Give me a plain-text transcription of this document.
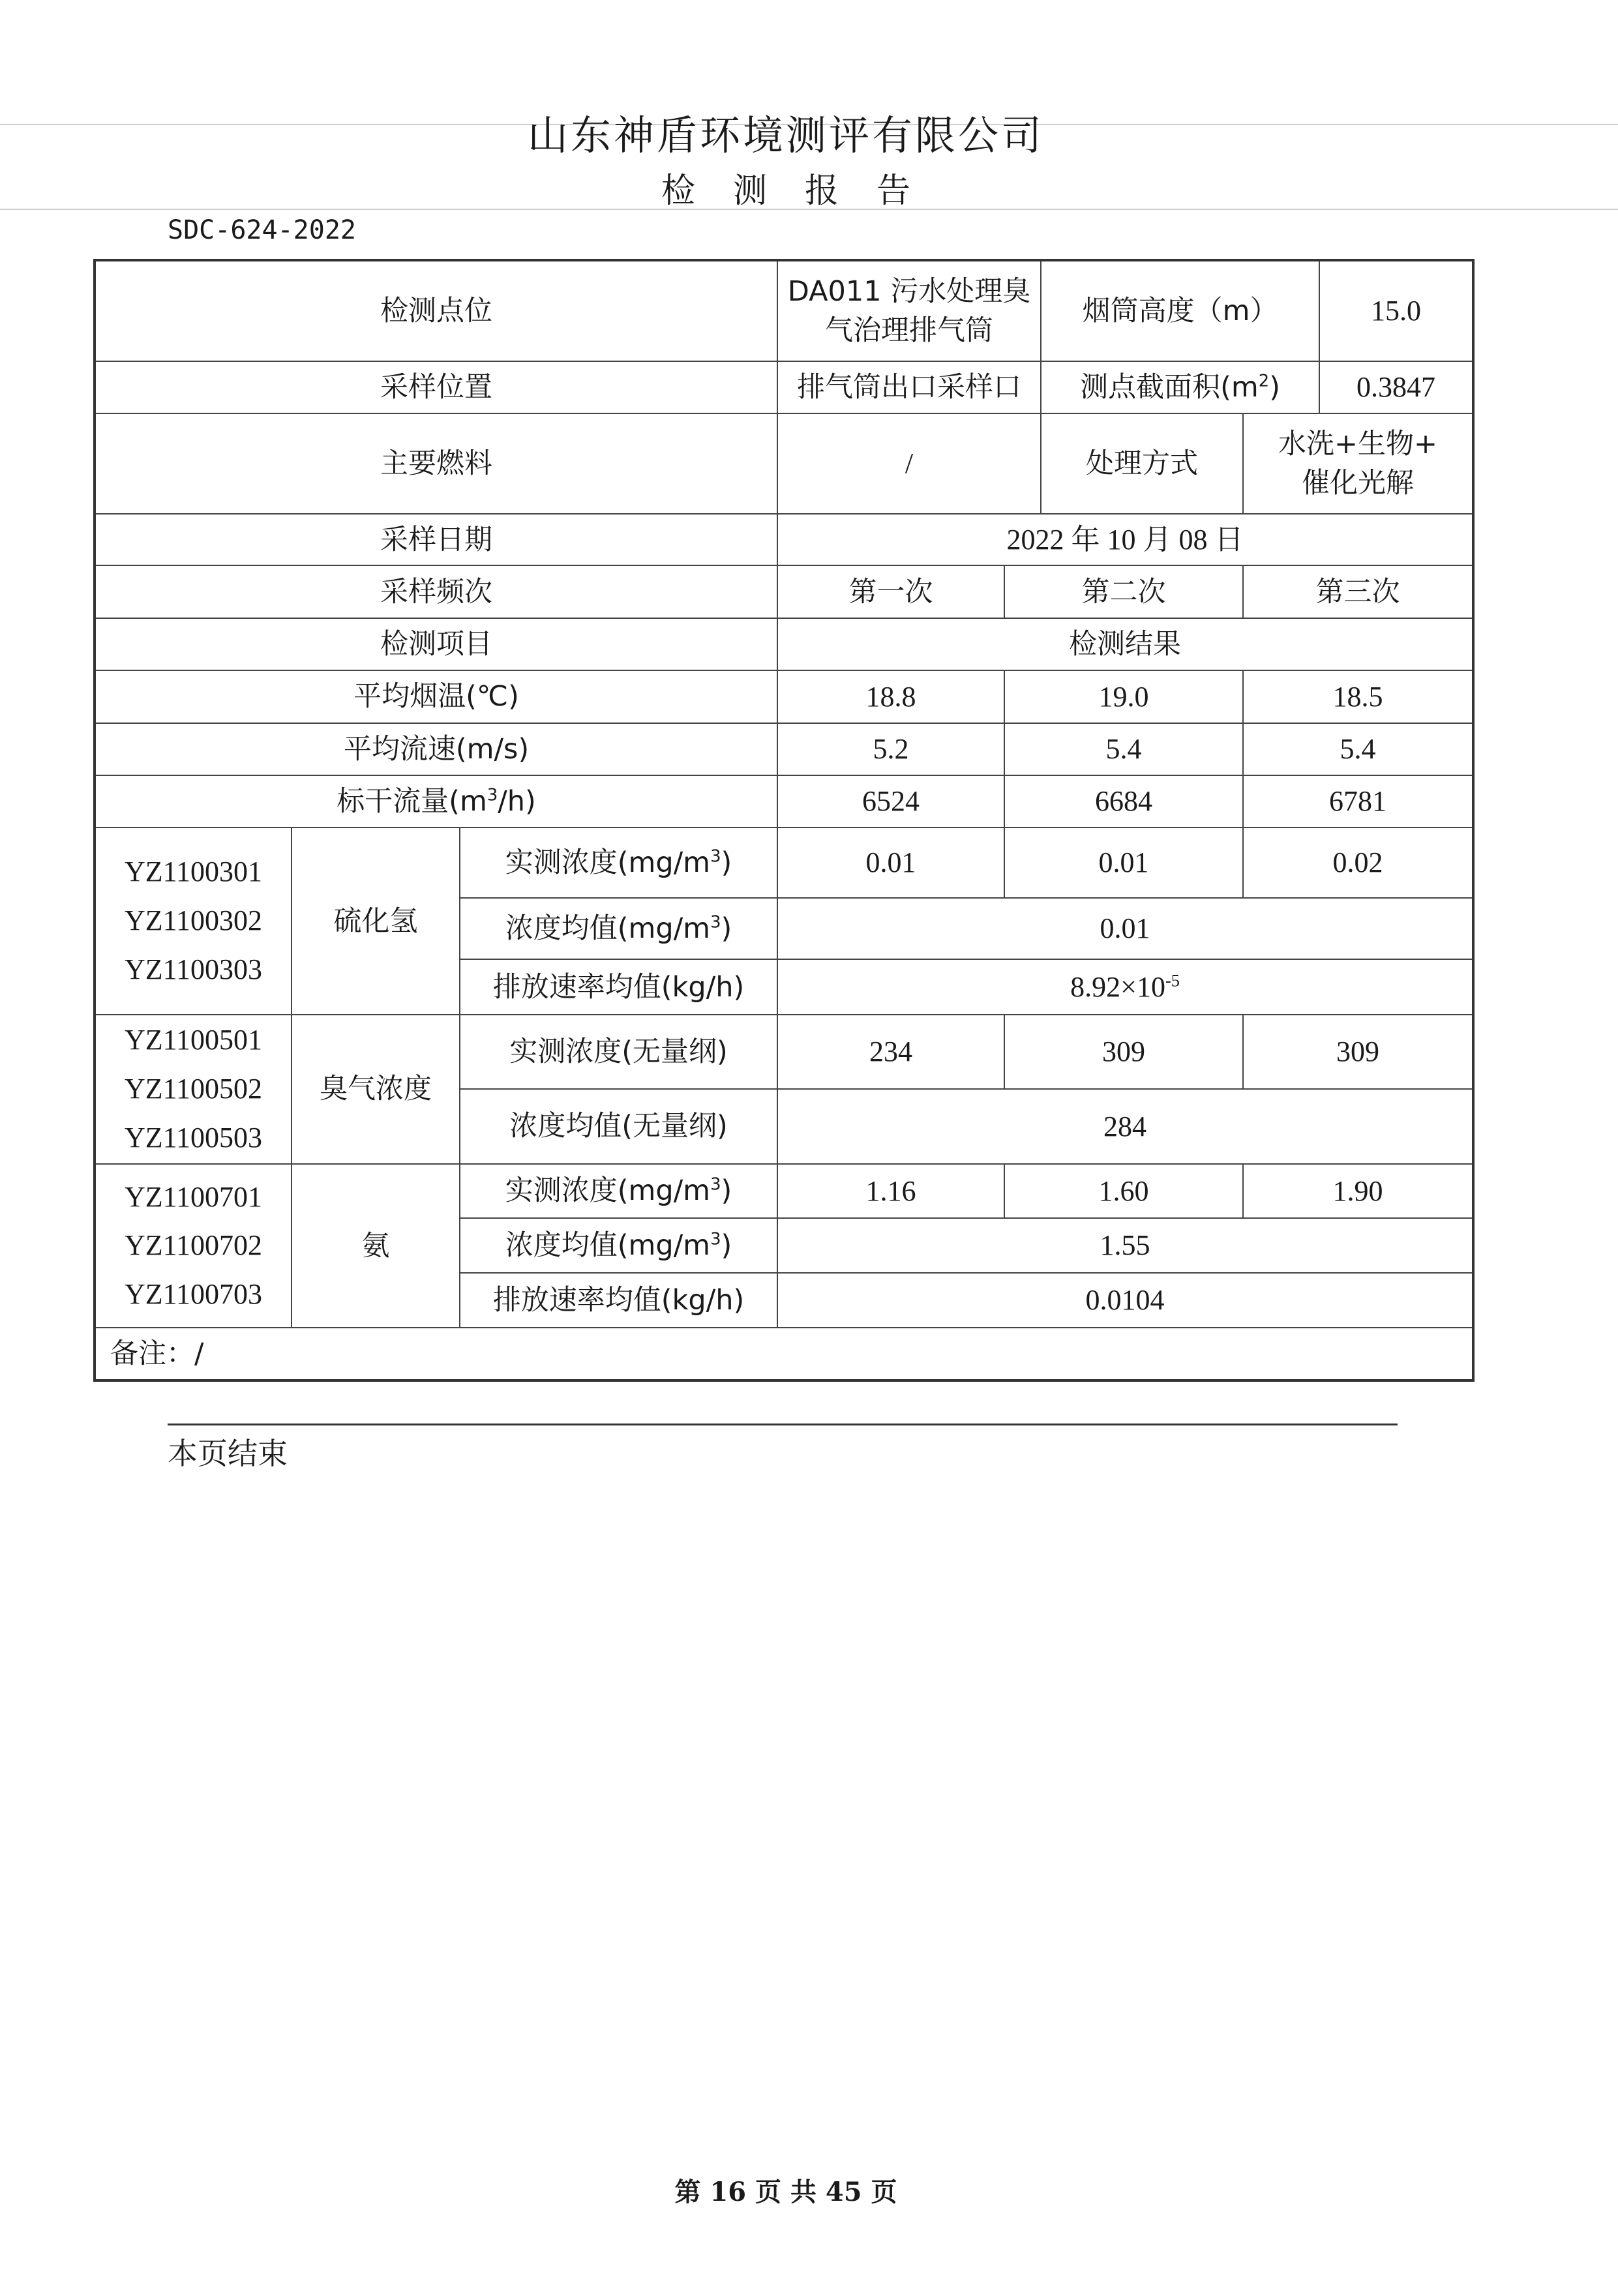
山东神盾环境测评有限公司
检测报告
SDC-624-2022
检测点位			DA011 污水处理臭
气治理排气筒		烟筒高度（m）		15.0
采样位置			排气筒出口采样口		测点截面积$(m^2)$		0.3847
主要燃料			/		处理方式	水洗+生物+
催化光解	

采样日期			2022 年 10 月 08 日				
采样频次			第一次	第二次		第三次	
检测项目			检测结果				
平均烟温(℃)			18.8	19.0		18.5	
平均流速(m/s)			5.2	5.4		5.4	
标干流量$(m^3/h)$			6524	6684		6781	

YZ1100301
YZ1100302
YZ1100303	硫化氢	实测浓度$(mg/m^3)$	0.01	0.01		0.02	
		浓度均值$(mg/m^3)$	0.01				
		排放速率均值(kg/h)	$8.92\times 10^{-5}$

YZ1100501
YZ1100502
YZ1100503	臭气浓度	实测浓度(无量纲)	234	309		309	
		浓度均值(无量纲)	284				

YZ1100701
YZ1100702
YZ1100703	氨	实测浓度$(mg/m^3)$	1.16	1.60		1.90	
		浓度均值$(mg/m^3)$	1.55				
		排放速率均值(kg/h)	0.0104				
备注：/							
本页结束
第 16 页 共 45 页
